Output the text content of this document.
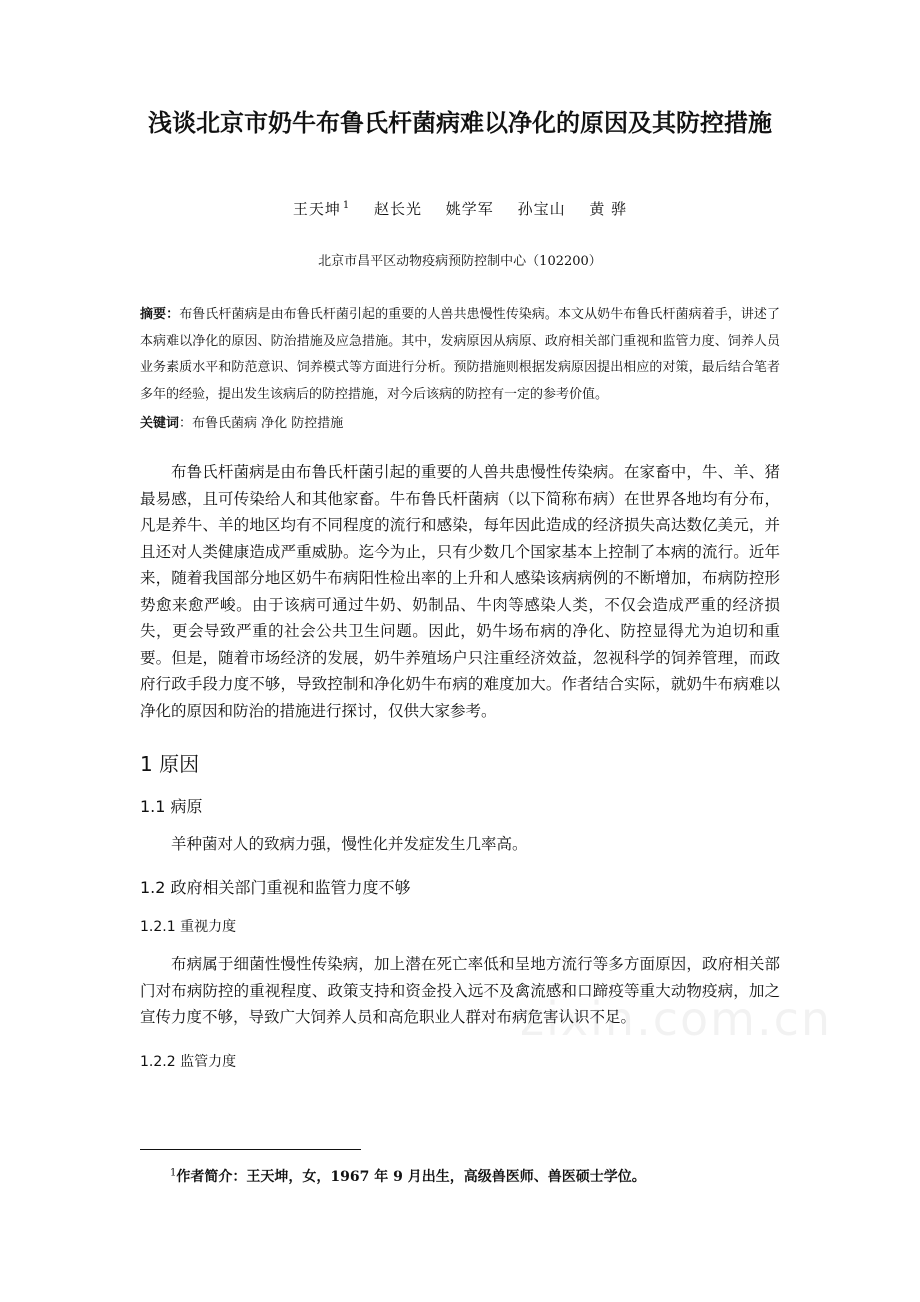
浅谈北京市奶牛布鲁氏杆菌病难以净化的原因及其防控措施
王天坤 $^1$ 赵长光 姚学军 孙宝山 黄 骅
北京市昌平区动物疫病预防控制中心（102200）
摘要：布鲁氏杆菌病是由布鲁氏杆菌引起的重要的人兽共患慢性传染病。本文从奶牛布鲁氏杆菌病着手，讲述了本病难以净化的原因、防治措施及应急措施。其中，发病原因从病原、政府相关部门重视和监管力度、饲养人员业务素质水平和防范意识、饲养模式等方面进行分析。预防措施则根据发病原因提出相应的对策，最后结合笔者多年的经验，提出发生该病后的防控措施，对今后该病的防控有一定的参考价值。
关键词：布鲁氏菌病 净化 防控措施
布鲁氏杆菌病是由布鲁氏杆菌引起的重要的人兽共患慢性传染病。在家畜中，牛、羊、猪最易感，且可传染给人和其他家畜。牛布鲁氏杆菌病（以下简称布病）在世界各地均有分布，凡是养牛、羊的地区均有不同程度的流行和感染，每年因此造成的经济损失高达数亿美元，并且还对人类健康造成严重威胁。迄今为止，只有少数几个国家基本上控制了本病的流行。近年来，随着我国部分地区奶牛布病阳性检出率的上升和人感染该病病例的不断增加，布病防控形势愈来愈严峻。由于该病可通过牛奶、奶制品、牛肉等感染人类，不仅会造成严重的经济损失，更会导致严重的社会公共卫生问题。因此，奶牛场布病的净化、防控显得尤为迫切和重要。但是，随着市场经济的发展，奶牛养殖场户只注重经济效益，忽视科学的饲养管理，而政府行政手段力度不够，导致控制和净化奶牛布病的难度加大。作者结合实际，就奶牛布病难以净化的原因和防治的措施进行探讨，仅供大家参考。
1 原因
1.1 病原
羊种菌对人的致病力强，慢性化并发症发生几率高。
1.2 政府相关部门重视和监管力度不够
1.2.1 重视力度
布病属于细菌性慢性传染病，加上潜在死亡率低和呈地方流行等多方面原因，政府相关部门对布病防控的重视程度、政策支持和资金投入远不及禽流感和口蹄疫等重大动物疫病，加之宣传力度不够，导致广大饲养人员和高危职业人群对布病危害认识不足。
1.2.2 监管力度
zixin.com.cn
$^1$作者简介：王天坤，女，1967 年 9 月出生，高级兽医师、兽医硕士学位。
